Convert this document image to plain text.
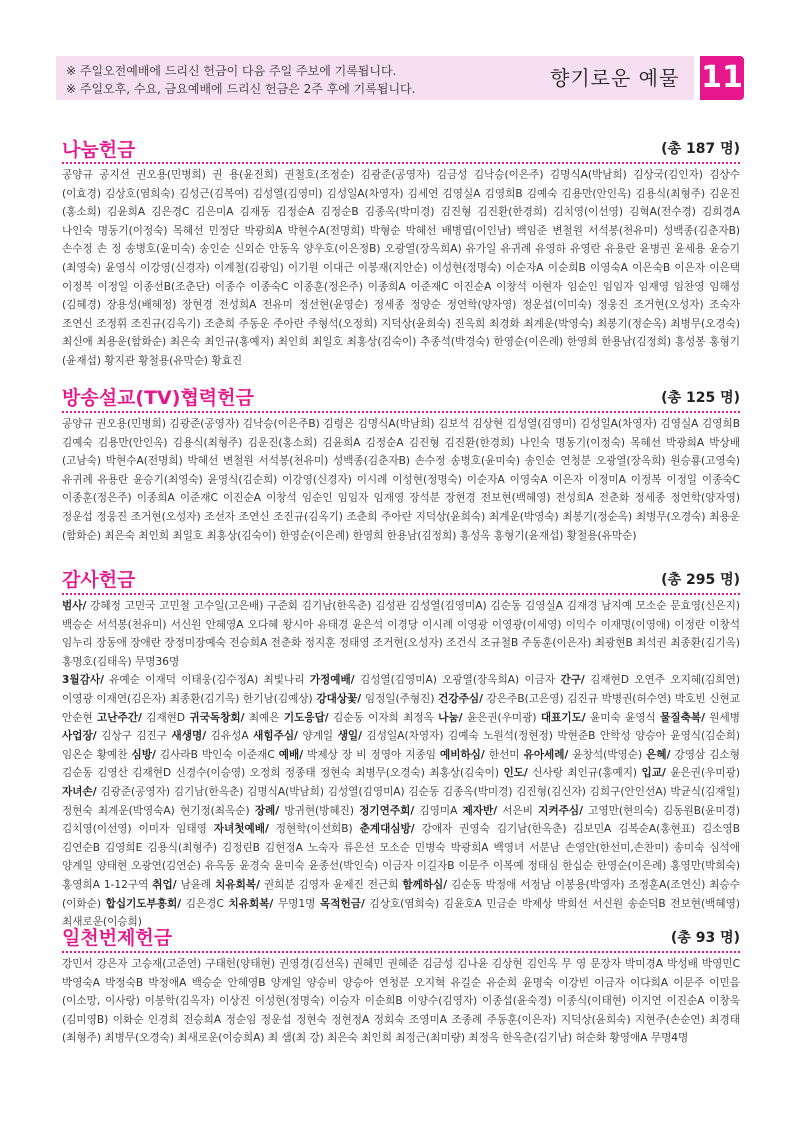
※ 주일오전예배에 드리신 헌금이 다음 주일 주보에 기록됩니다.
※ 주일오후, 수요, 금요예배에 드리신 헌금은 2주 후에 기록됩니다.	향기로운 예물 11
나눔헌금	(총 187 명)
공양규 공지선 권오용(민병희) 권 용(윤진희) 권철호(조정순) 김광준(공영자) 김금성 김낙승(이은주) 김명식A(박남희) 김상국(김인자) 김상수(이효경) 김상호(염희숙) 김성근(김복여) 김성열(김영미) 김성일A(차영자) 김세연 김영실A 김영희B 김예숙 김용만(안인옥) 김용식(최형주) 김운진(홍소희) 김윤희A 김은경C 김은미A 김재동 김정순A 김정순B 김종옥(박미경) 김진형 김진환(한경희) 김치영(이선영) 김혁A(전수경) 김희경A 나인숙 명동기(이정숙) 목혜선 민정단 박광희A 박현수A(전명희) 박형순 박혜선 배병엽(이인남) 백임준 변철원 서석봉(천유미) 성백종(김춘자B) 손수정 손 정 송병호(윤미숙) 송인순 신외순 안동옥 양우호(이은정B) 오광열(장옥희A) 유가일 유귀례 유영하 유영란 유용란 윤병권 윤세용 윤승기(최영숙) 윤영식 이강영(신경자) 이계철(김광임) 이기원 이대근 이봉재(지안순) 이성현(정명숙) 이순자A 이순희B 이영숙A 이은숙B 이은자 이은택 이정복 이정일 이종선B(조춘단) 이종수 이종숙C 이종훈(정은주) 이종희A 이준재C 이진순A 이창석 이현자 임순인 임임자 임재영 임찬영 임해성(김혜경) 장용성(배혜정) 장현경 전성희A 전유미 정선현(윤영순) 정세종 정양순 정연학(양자영) 정운섭(이미숙) 정웅진 조거현(오성자) 조숙자 조연신 조정휘 조진규(김옥기) 조춘희 주동운 주아란 주형석(오정희) 지덕상(윤희숙) 진옥희 최경화 최계운(박영숙) 최봉기(정순옥) 최병무(오경숙) 최신애 최용운(함화순) 최은숙 최인규(홍예지) 최인희 최일호 최홍상(김숙이) 추종석(박경숙) 한영순(이은례) 한영희 한용남(김정희) 홍성봉 홍형기(윤재섭) 황지관 황철용(유막순) 황효진
방송설교(TV)협력헌금	(총 125 명)
공양규 권오용(민병희) 김광준(공영자) 김낙승(이은주B) 김령은 김명식A(박남희) 김보석 김상현 김성열(김영미) 김성일A(차영자) 김영실A 김영희B 김예숙 김용만(안인옥) 김용식(최형주) 김운진(홍소희) 김윤희A 김정순A 김진형 김진환(한경희) 나인숙 명동기(이정숙) 목혜선 박광희A 박상배(고남숙) 박현수A(전명희) 박혜선 변철원 서석봉(천유미) 성백종(김춘자B) 손수정 송병호(윤미숙) 송인순 연청분 오광열(장옥희) 원승룡(고영숙) 유귀례 유용란 윤승기(최영숙) 윤영식(김순희) 이강영(신경자) 이시례 이성현(정명숙) 이순자A 이영숙A 이은자 이정미A 이정복 이정일 이종숙C 이종훈(정은주) 이종희A 이준재C 이진순A 이창석 임순인 임임자 임재영 장석분 장현경 전보현(백혜영) 전성희A 전춘화 정세종 정연학(양자영) 정운섭 정웅진 조거현(오성자) 조선자 조연신 조진규(김옥기) 조춘희 주아란 지덕상(윤희숙) 최계운(박영숙) 최봉기(정순옥) 최병무(오경숙) 최용운(함화순) 최은숙 최인희 최일호 최홍상(김숙이) 한영순(이은례) 한영희 한용남(김정희) 홍성옥 홍형기(윤재섭) 황철용(유막순)
감사헌금	(총 295 명)
범사/ 강혜정 고민국 고민철 고수일(고은배) 구준회 김기남(한옥춘) 김성관 김성열(김영미A) 김순동 김영실A 김재경 남지예 모소순 문효영(신은지) 백승순 서석봉(천유미) 서신원 안혜영A 오다혜 왕시아 유태경 윤은석 이경당 이시례 이영광 이영광(이세영) 이익수 이재명(이영애) 이정란 이창석 임누리 장동애 장애란 장정미장예숙 전승희A 전춘화 정지훈 정태영 조거현(오성자) 조건식 조규철B 주동훈(이은자) 최광현B 최석권 최종환(김기옥) 홍명호(김태옥) 무명36명
3월감사/ 유예순 이재덕 이태웅(김수정A) 최빛나리 가정예배/ 김성열(김영미A) 오광열(장옥희A) 이금자 간구/ 김재현D 오연주 오지혜(김희연) 이영광 이재연(김은자) 최종환(김기옥) 한기남(김예상) 강대상꽃/ 임정일(주형진) 건강주심/ 강은주B(고은영) 김진규 박병권(허수연) 박호빈 신현교 안순현 고난주간/ 김재현D 귀국독창회/ 최예은 기도응답/ 김순동 이자희 최정옥 나눔/ 윤은권(우미광) 대표기도/ 윤미숙 윤영식 물질축복/ 원세병 사업장/ 김상구 김진구 새생명/ 김유성A 새힘주심/ 양계일 생일/ 김성일A(차영자) 김예숙 노원석(정현정) 박현준B 안학성 양승아 윤영식(김순희) 임온순 황예찬 심방/ 김사라B 박인숙 이준재C 예배/ 박제상 장 비 정영아 지종임 예비하심/ 한선미 유아세례/ 윤창석(박영순) 은혜/ 강영삼 김소형 김순동 김영산 김재현D 신경수(이승영) 오정희 정종태 정현숙 최병무(오경숙) 최홍상(김숙이) 인도/ 신사랑 최인규(홍예지) 입교/ 윤은권(우미광) 자녀손/ 김광준(공영자) 김기남(한옥춘) 김명식A(박남희) 김성열(김영미A) 김순동 김종옥(박미경) 김진형(김신자) 김희구(안인선A) 박균식(김재일) 정현숙 최계운(박영숙A) 현기정(최옥순) 장례/ 방귀현(방혜진) 정기연주회/ 김영미A 제자반/ 서은비 지켜주심/ 고영만(현의숙) 김동원B(윤미경) 김치영(이선영) 이미자 임태영 자녀첫예배/ 정현학(이선희B) 춘계대심방/ 강애자 권영숙 김기남(한옥춘) 김보민A 김복순A(홍현표) 김소영B 김연순B 김영희E 김용식(최형주) 김정린B 김현정A 노숙자 류은선 모소순 민병숙 박광희A 백영녀 서분남 손영안(한선미,손찬미) 송미숙 심석애 양계일 양태현 오광연(김연순) 유옥동 윤경숙 윤미숙 윤종선(박인숙) 이금자 이길자B 이문주 이복예 정태심 한십순 한영순(이은례) 홍영만(박희숙) 홍영희A 1-12구역 취업/ 남윤례 치유회복/ 권희분 김영자 윤제진 전근희 함께하심/ 김순동 박정애 서정남 이봉용(박영자) 조정훈A(조연신) 최승수(이화순) 합십기도부흥회/ 김은경C 치유회복/ 무명1명 목적헌금/ 김상호(염희숙) 김윤호A 민금순 박제상 박희선 서신원 송순덕B 전보현(백혜영) 최새로운(이승희)
일천번제헌금	(총 93 명)
강민서 강은자 고승재(고준연) 구태헌(양태현) 권영경(김선옥) 권혜민 권혜준 김금성 김나윤 김상현 김인옥 무 영 문장자 박미경A 박성배 박영민C 박영숙A 박정숙B 박정애A 백승순 안혜영B 양계일 양승비 양승아 연청분 오지혁 유길순 유순희 윤명숙 이강빈 이금자 이다희A 이문주 이민음(이소망, 이사랑) 이봉학(김옥자) 이상진 이성현(정명숙) 이승자 이순희B 이양수(김영자) 이종섭(윤숙경) 이종식(이태현) 이지연 이진순A 이창욱(김미영B) 이화순 인경희 전승희A 정순임 정운섭 정현숙 정현정A 정회숙 조영미A 조종례 주동훈(이은자) 지덕상(윤희숙) 지현주(손순연) 최경태(최형주) 최병무(오경숙) 최새로운(이승희A) 최 샘(최 강) 최은숙 최인희 최정근(최미량) 최정옥 한옥춘(김기남) 허순화 황영애A 무명4명
